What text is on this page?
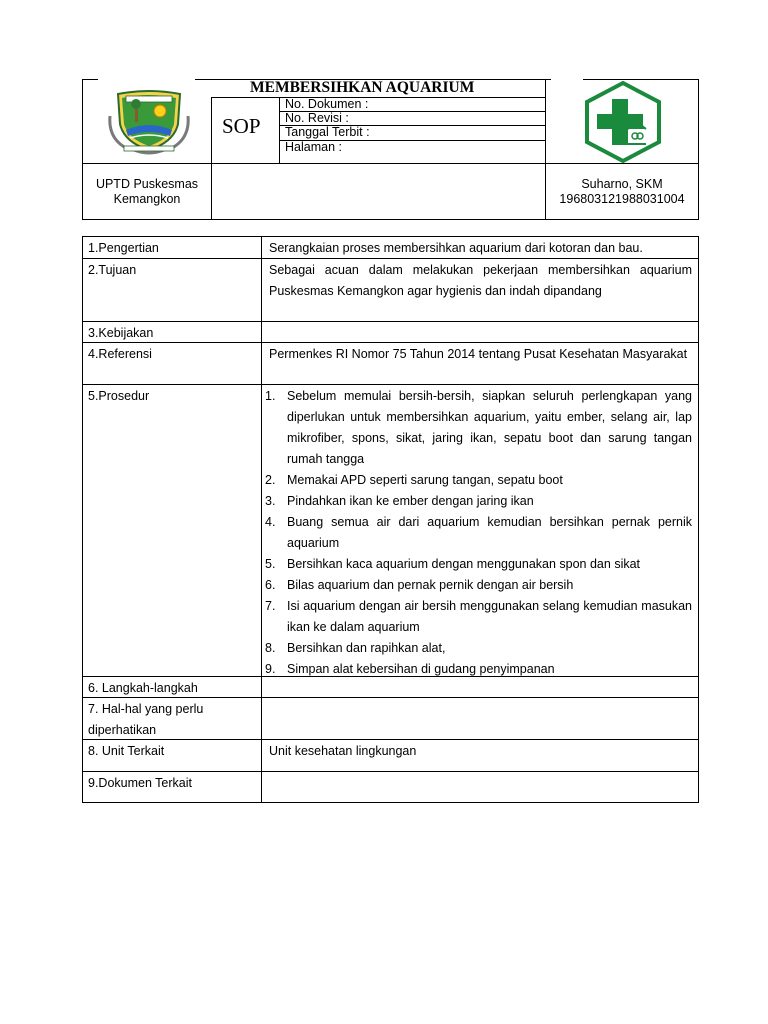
MEMBERSIHKAN AQUARIUM
SOP
No. Dokumen :
No. Revisi :
Tanggal Terbit :
Halaman :
UPTD Puskesmas
Kemangkon
Suharno, SKM
196803121988031004
1.Pengertian	Serangkaian proses membersihkan aquarium dari kotoran dan bau.
2.Tujuan	Sebagai acuan dalam melakukan pekerjaan membersihkan aquarium Puskesmas Kemangkon agar hygienis dan indah dipandang
3.Kebijakan
4.Referensi	Permenkes RI Nomor 75 Tahun 2014 tentang Pusat Kesehatan Masyarakat
5.Prosedur	1. Sebelum memulai bersih-bersih, siapkan seluruh perlengkapan yang diperlukan untuk membersihkan aquarium, yaitu ember, selang air, lap mikrofiber, spons, sikat, jaring ikan, sepatu boot dan sarung tangan rumah tangga
2. Memakai APD seperti sarung tangan, sepatu boot
3. Pindahkan ikan ke ember dengan jaring ikan
4. Buang semua air dari aquarium kemudian bersihkan pernak pernik aquarium
5. Bersihkan kaca aquarium dengan menggunakan spon dan sikat
6. Bilas aquarium dan pernak pernik dengan air bersih
7. Isi aquarium dengan air bersih menggunakan selang kemudian masukan ikan ke dalam aquarium
8. Bersihkan dan rapihkan alat,
9. Simpan alat kebersihan di gudang penyimpanan
6. Langkah-langkah
7. Hal-hal yang perlu diperhatikan
8. Unit Terkait	Unit kesehatan lingkungan
9.Dokumen Terkait
